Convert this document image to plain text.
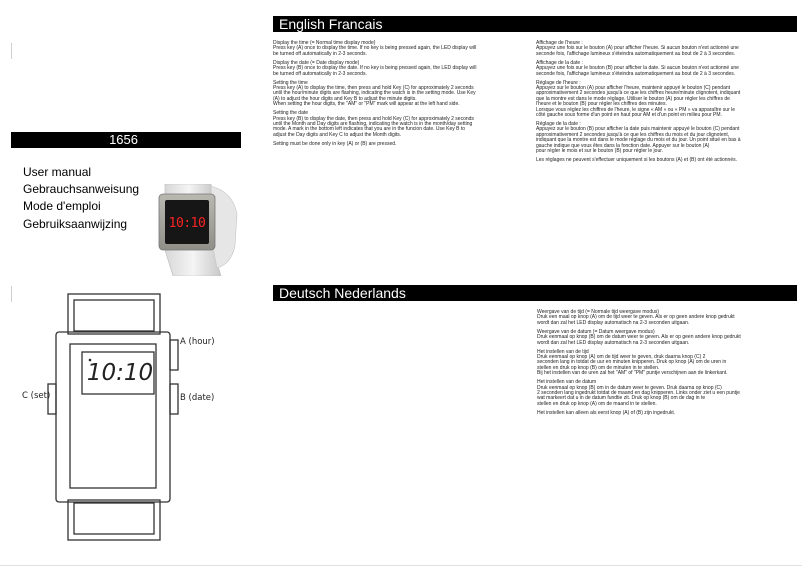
1656
User manual
Gebrauchsanweisung
Mode d'emploi
Gebruiksaanwijzing	10:10
10:10
A (hour)
B (date)
C (set)
English Francais
Deutsch Nederlands

Display the time (= Normal time display mode)
Press key (A) once to display the time. If no key is being pressed again, the LED display will
be turned off automatically in 2-3 seconds.

Display the date (= Date display mode)
Press key (B) once to display the date. If no key is being pressed again, the LED display will
be turned off automatically in 2-3 seconds.

Setting the time
Press key (A) to display the time, then press and hold Key (C) for approximately 2 seconds
until the hour/minute digits are flashing, indicating the watch is in the setting mode. Use Key
(A) to adjust the hour digits and Key B to adjust the minute digits.
When setting the hour digits, the "AM" or "PM" mark will appear at the left hand side.

Setting the date
Press key (B) to display the date, then press and hold Key (C) for approximately 2 seconds
until the Month and Day digits are flashing, indicating the watch is in the month/day setting
mode. A mark in the bottom left indicates that you are in the funcion date. Use Key B to
adjust the Day digits and Key C to adjust the Month digits.

Setting must be done only in key (A) or (B) are pressed.

Affichage de l'heure :
Appuyez une fois sur le bouton (A) pour afficher l'heure. Si aucun bouton n'est actionné une
seconde fois, l'affichage lumineux s'éteindra automatiquement au bout de 2 à 3 secondes.

Affichage de la date :
Appuyez une fois sur le bouton (B) pour afficher la date. Si aucun bouton n'est actionné une
seconde fois, l'affichage lumineux s'éteindra automatiquement au bout de 2 à 3 secondes.

Réglage de l'heure :
Appuyez sur le bouton (A) pour afficher l'heure, maintenir appuyé le bouton (C) pendant
approximativement 2 secondes jusqu'à ce que les chiffres heure/minute clignotent, indiquant
que la montre est dans le mode réglage. Utiliser le bouton (A) pour régler les chiffres de
l'heure et le bouton (B) pour régler les chiffres des minutes.
Lorsque vous réglez les chiffres de l'heure, le signe « AM » ou « PM » va apparaître sur le
côté gauche sous forme d'un point en haut pour AM et d'un point en milieu pour PM.

Réglage de la date :
Appuyez sur le bouton (B) pour afficher la date puis maintenir appuyé le bouton (C) pendant
approximativement 2 secondes jusqu'à ce que les chiffres du mois et du jour clignotent,
indiquant que la montre est dans le mode réglage du mois et du jour. Un point situé en bas à
gauche indique que vous êtes dans la fonction date. Appuyer sur le bouton (A)
pour régler le mois et sur le bouton (B) pour régler le jour.

Les réglages ne peuvent s'effectuer uniquement si les boutons (A) et (B) ont été actionnés.

Weergave van de tijd (= Normale tijd weergave modus)
Druk een maal op knop (A) om de tijd weer te geven. Als er op geen andere knop gedrukt
wordt dan zal het LED display automatisch na 2-3 seconden uitgaan.

Weergave van de datum (= Datum weergave modus)
Druk eenmaal op knop (B) om de datum weer te geven. Als er op geen andere knop gedrukt
wordt dan zal het LED display automatisch na 2-3 seconden uitgaan.

Het instellen van de tijd
Druk eenmaal op knop (A) om de tijd weer te geven, druk daarna knop (C) 2
seconden lang in totdat de uur en minuten knipperen. Druk op knop (A) om de uren in
stellen en druk op knop (B) om de minuten in te stellen.
Bij het instellen van de uren zal het "AM" of "PM" puntje verschijnen aan de linkerkant.

Het instellen van de datum
Druk eenmaal op knop (B) om in de datum weer te geven. Druk daarna op knop (C)
2 seconden lang ingedrukt totdat de maand en dag knipperen. Links onder ziet u een puntje
wat markeert dat u in de datum fundtie zit. Druk op knop (B) om de dag in te
stellen en druk op knop (A) om de maand in te stellen.

Het instellen kan alleen als eerst knop (A) of (B) zijn ingedrukt.
